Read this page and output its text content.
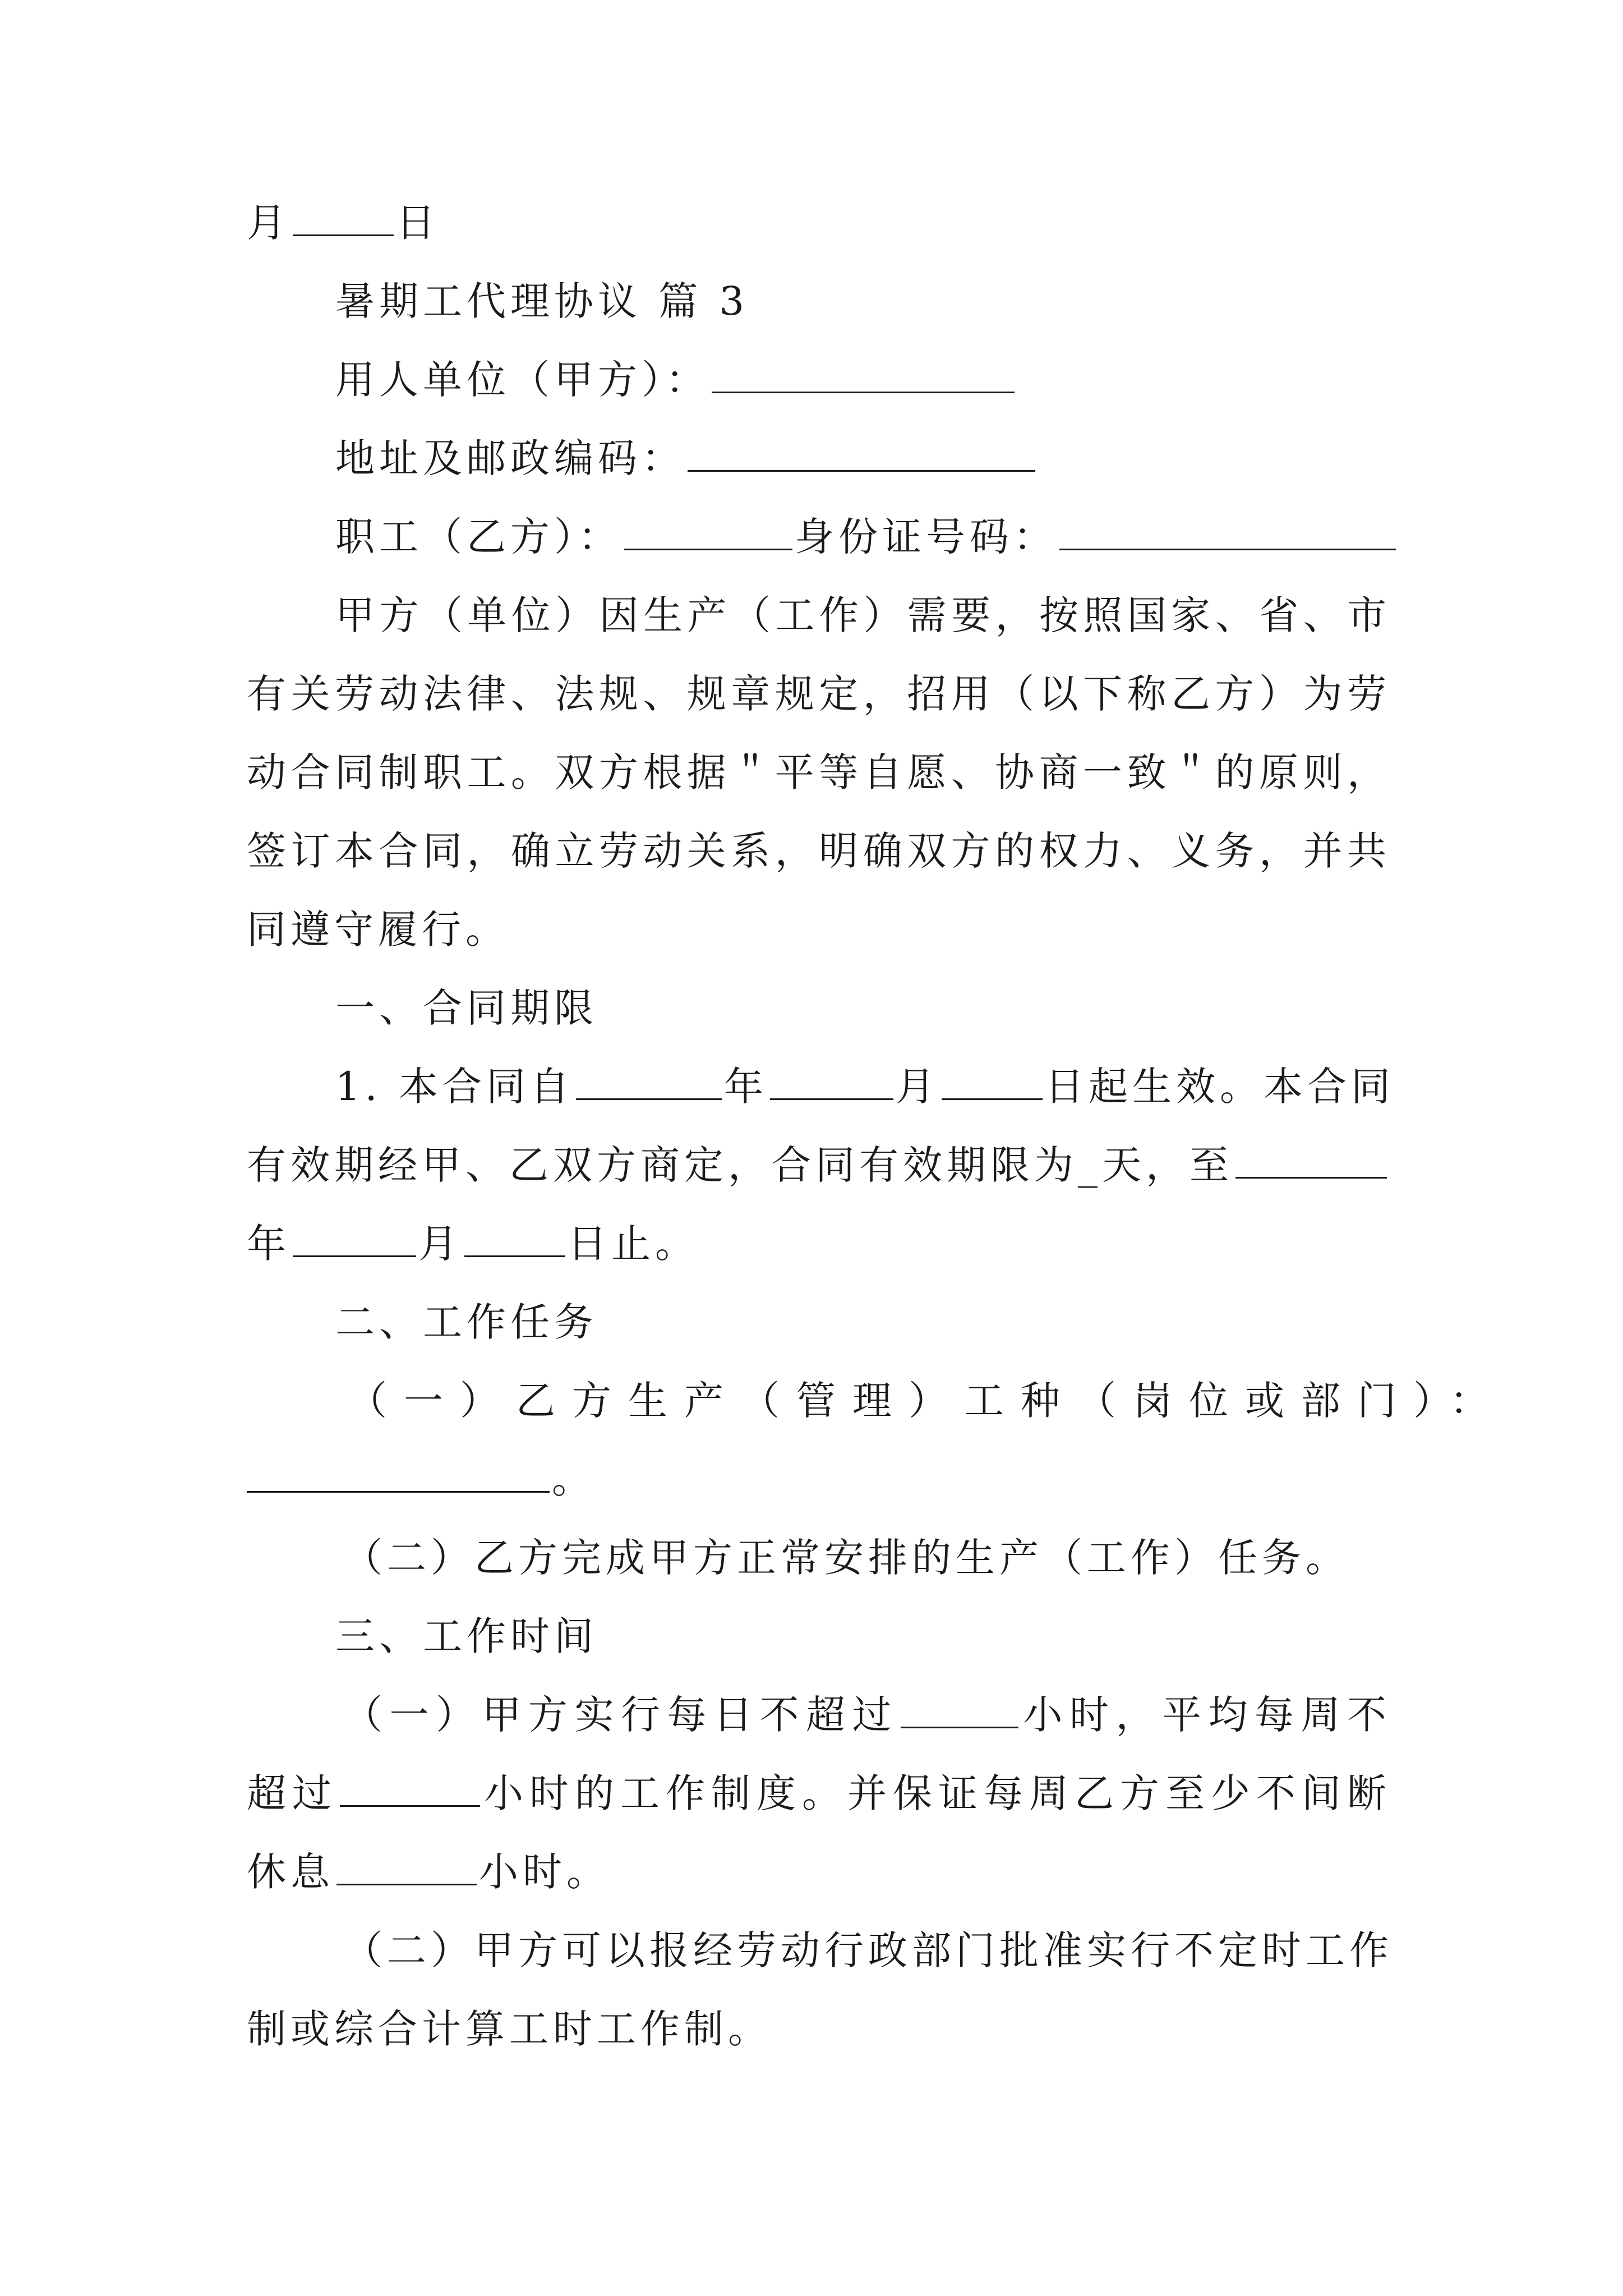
月	日
暑期工代理协议 篇 3
用人单位（甲方）：
地址及邮政编码：
职工（乙方）：	身份证号码：
甲方（单位）因生产（工作）需要，按照国家、省、市
有关劳动法律、法规、规章规定，招用（以下称乙方）为劳
动合同制职工。双方根据＂平等自愿、协商一致＂的原则，
签订本合同，确立劳动关系，明确双方的权力、义务，并共
同遵守履行。
一、合同期限
1. 本合同自	年	月	日起生效。本合同
有效期经甲、乙双方商定，合同有效期限为_天，至
年	月	日止。
二、工作任务
（一）乙方生产（管理）工种（岗位或部门）：
。
（二）乙方完成甲方正常安排的生产（工作）任务。
三、工作时间
（一）甲方实行每日不超过	小时，平均每周不
超过	小时的工作制度。并保证每周乙方至少不间断
休息	小时。
（二）甲方可以报经劳动行政部门批准实行不定时工作
制或综合计算工时工作制。
